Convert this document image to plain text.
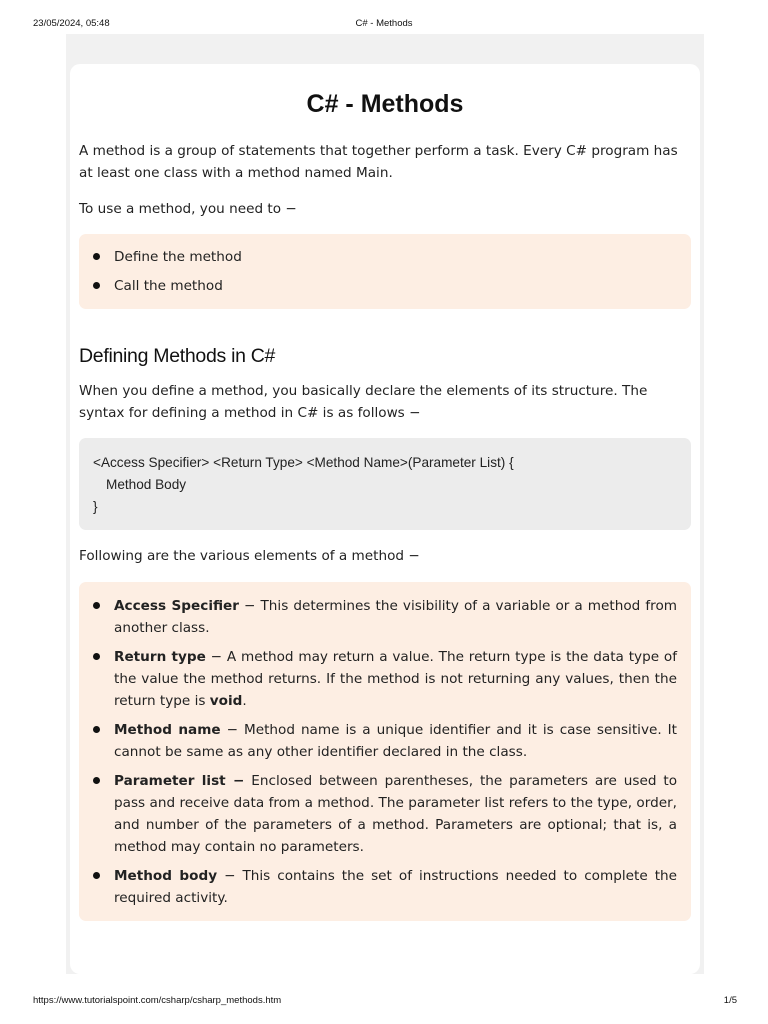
23/05/2024, 05:48	C# - Methods
C# - Methods

A method is a group of statements that together perform a task. Every C# program has at least one class with a method named Main.

To use a method, you need to −

Define the method
Call the method
Defining Methods in C#

When you define a method, you basically declare the elements of its structure. The syntax for defining a method in C# is as follows −

<Access Specifier> <Return Type> <Method Name>(Parameter List) {
Method Body
}

Following are the various elements of a method −

Access Specifier − This determines the visibility of a variable or a method from another class.
Return type − A method may return a value. The return type is the data type of the value the method returns. If the method is not returning any values, then the return type is void.
Method name − Method name is a unique identifier and it is case sensitive. It cannot be same as any other identifier declared in the class.
Parameter list − Enclosed between parentheses, the parameters are used to pass and receive data from a method. The parameter list refers to the type, order, and number of the parameters of a method. Parameters are optional; that is, a method may contain no parameters.
Method body − This contains the set of instructions needed to complete the required activity.
https://www.tutorialspoint.com/csharp/csharp_methods.htm	1/5
